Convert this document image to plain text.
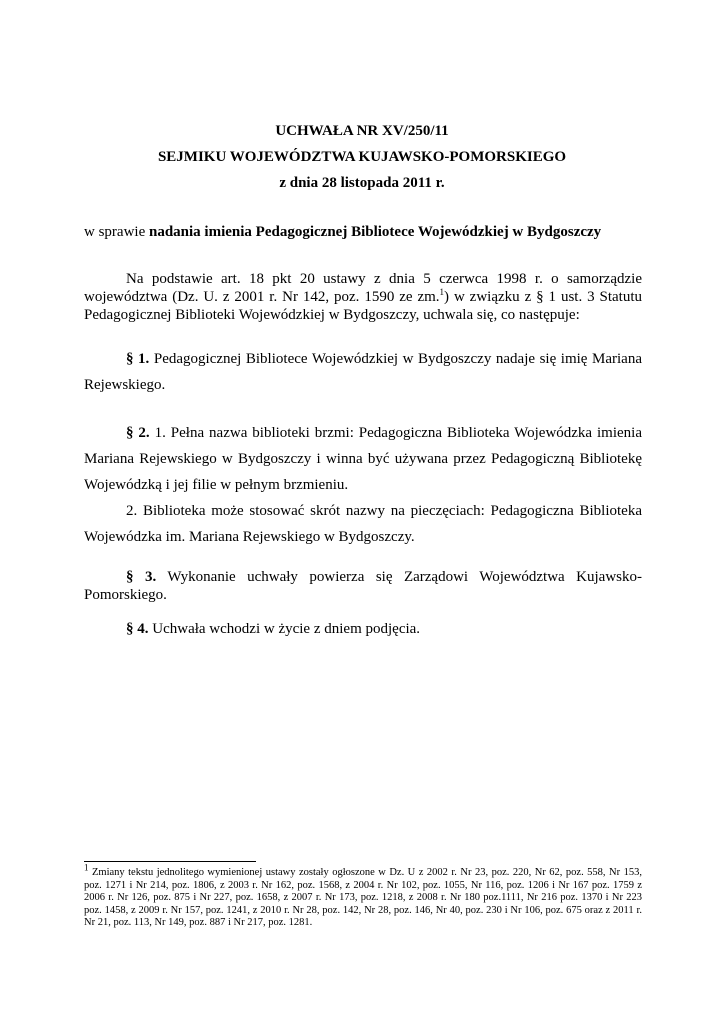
UCHWAŁA NR XV/250/11
SEJMIKU WOJEWÓDZTWA KUJAWSKO-POMORSKIEGO
z dnia 28 listopada 2011 r.
w sprawie nadania imienia Pedagogicznej Bibliotece Wojewódzkiej w Bydgoszczy
Na podstawie art. 18 pkt 20 ustawy z dnia 5 czerwca 1998 r. o samorządzie województwa (Dz. U. z 2001 r. Nr 142, poz. 1590 ze zm.$^1$) w związku z § 1 ust. 3 Statutu Pedagogicznej Biblioteki Wojewódzkiej w Bydgoszczy, uchwala się, co następuje:
§ 1. Pedagogicznej Bibliotece Wojewódzkiej w Bydgoszczy nadaje się imię Mariana Rejewskiego.
§ 2. 1. Pełna nazwa biblioteki brzmi: Pedagogiczna Biblioteka Wojewódzka imienia Mariana Rejewskiego w Bydgoszczy i winna być używana przez Pedagogiczną Bibliotekę Wojewódzką i jej filie w pełnym brzmieniu.
2. Biblioteka może stosować skrót nazwy na pieczęciach: Pedagogiczna Biblioteka Wojewódzka im. Mariana Rejewskiego w Bydgoszczy.
§ 3. Wykonanie uchwały powierza się Zarządowi Województwa Kujawsko-Pomorskiego.
§ 4. Uchwała wchodzi w życie z dniem podjęcia.
$^1$ Zmiany tekstu jednolitego wymienionej ustawy zostały ogłoszone w Dz. U z 2002 r. Nr 23, poz. 220, Nr 62, poz. 558, Nr 153, poz. 1271 i Nr 214, poz. 1806, z 2003 r. Nr 162, poz. 1568, z 2004 r. Nr 102, poz. 1055, Nr 116, poz. 1206 i Nr 167 poz. 1759 z 2006 r. Nr 126, poz. 875 i Nr 227, poz. 1658, z 2007 r. Nr 173, poz. 1218, z 2008 r. Nr 180 poz.1111, Nr 216 poz. 1370 i Nr 223 poz. 1458, z 2009 r. Nr 157, poz. 1241, z 2010 r. Nr 28, poz. 142, Nr 28, poz. 146, Nr 40, poz. 230 i Nr 106, poz. 675 oraz z 2011 r. Nr 21, poz. 113, Nr 149, poz. 887 i Nr 217, poz. 1281.
